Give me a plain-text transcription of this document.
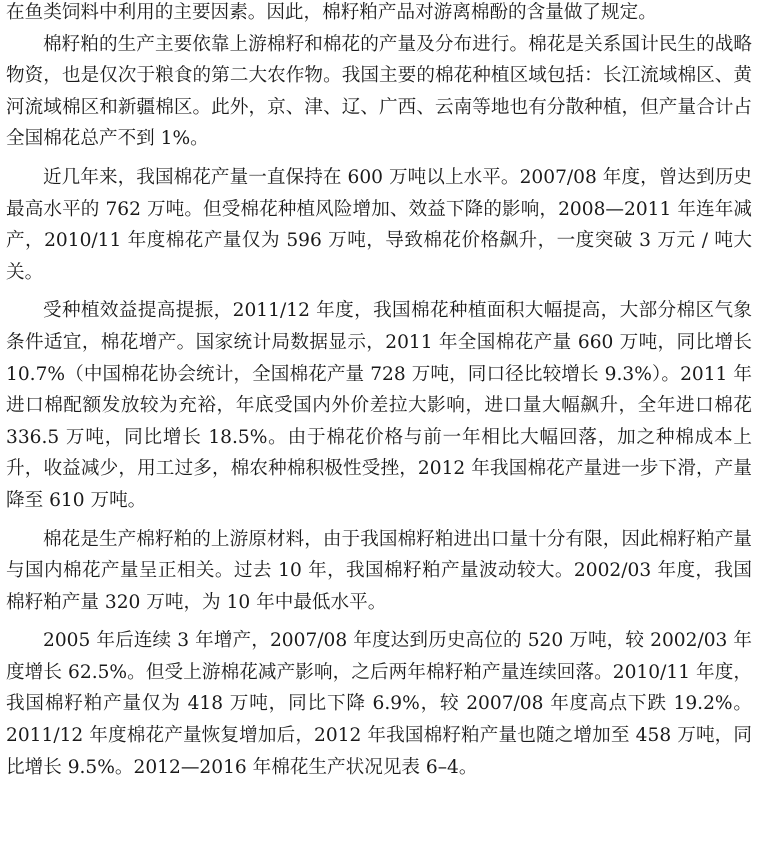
在鱼类饲料中利用的主要因素。因此，棉籽粕产品对游离棉酚的含量做了规定。

棉籽粕的生产主要依靠上游棉籽和棉花的产量及分布进行。棉花是关系国计民生的战略物资，也是仅次于粮食的第二大农作物。我国主要的棉花种植区域包括：长江流域棉区、黄河流域棉区和新疆棉区。此外，京、津、辽、广西、云南等地也有分散种植，但产量合计占全国棉花总产不到 1%。

近几年来，我国棉花产量一直保持在 600 万吨以上水平。2007/08 年度，曾达到历史最高水平的 762 万吨。但受棉花种植风险增加、效益下降的影响，2008—2011 年连年减产，2010/11 年度棉花产量仅为 596 万吨，导致棉花价格飙升，一度突破 3 万元 / 吨大关。

受种植效益提高提振，2011/12 年度，我国棉花种植面积大幅提高，大部分棉区气象条件适宜，棉花增产。国家统计局数据显示，2011 年全国棉花产量 660 万吨，同比增长 10.7%（中国棉花协会统计，全国棉花产量 728 万吨，同口径比较增长 9.3%）。2011 年进口棉配额发放较为充裕，年底受国内外价差拉大影响，进口量大幅飙升，全年进口棉花 336.5 万吨，同比增长 18.5%。由于棉花价格与前一年相比大幅回落，加之种棉成本上升，收益减少，用工过多，棉农种棉积极性受挫，2012 年我国棉花产量进一步下滑，产量降至 610 万吨。

棉花是生产棉籽粕的上游原材料，由于我国棉籽粕进出口量十分有限，因此棉籽粕产量与国内棉花产量呈正相关。过去 10 年，我国棉籽粕产量波动较大。2002/03 年度，我国棉籽粕产量 320 万吨，为 10 年中最低水平。

2005 年后连续 3 年增产，2007/08 年度达到历史高位的 520 万吨，较 2002/03 年度增长 62.5%。但受上游棉花减产影响，之后两年棉籽粕产量连续回落。2010/11 年度，我国棉籽粕产量仅为 418 万吨，同比下降 6.9%，较 2007/08 年度高点下跌 19.2%。2011/12 年度棉花产量恢复增加后，2012 年我国棉籽粕产量也随之增加至 458 万吨，同比增长 9.5%。2012—2016 年棉花生产状况见表 6–4。
